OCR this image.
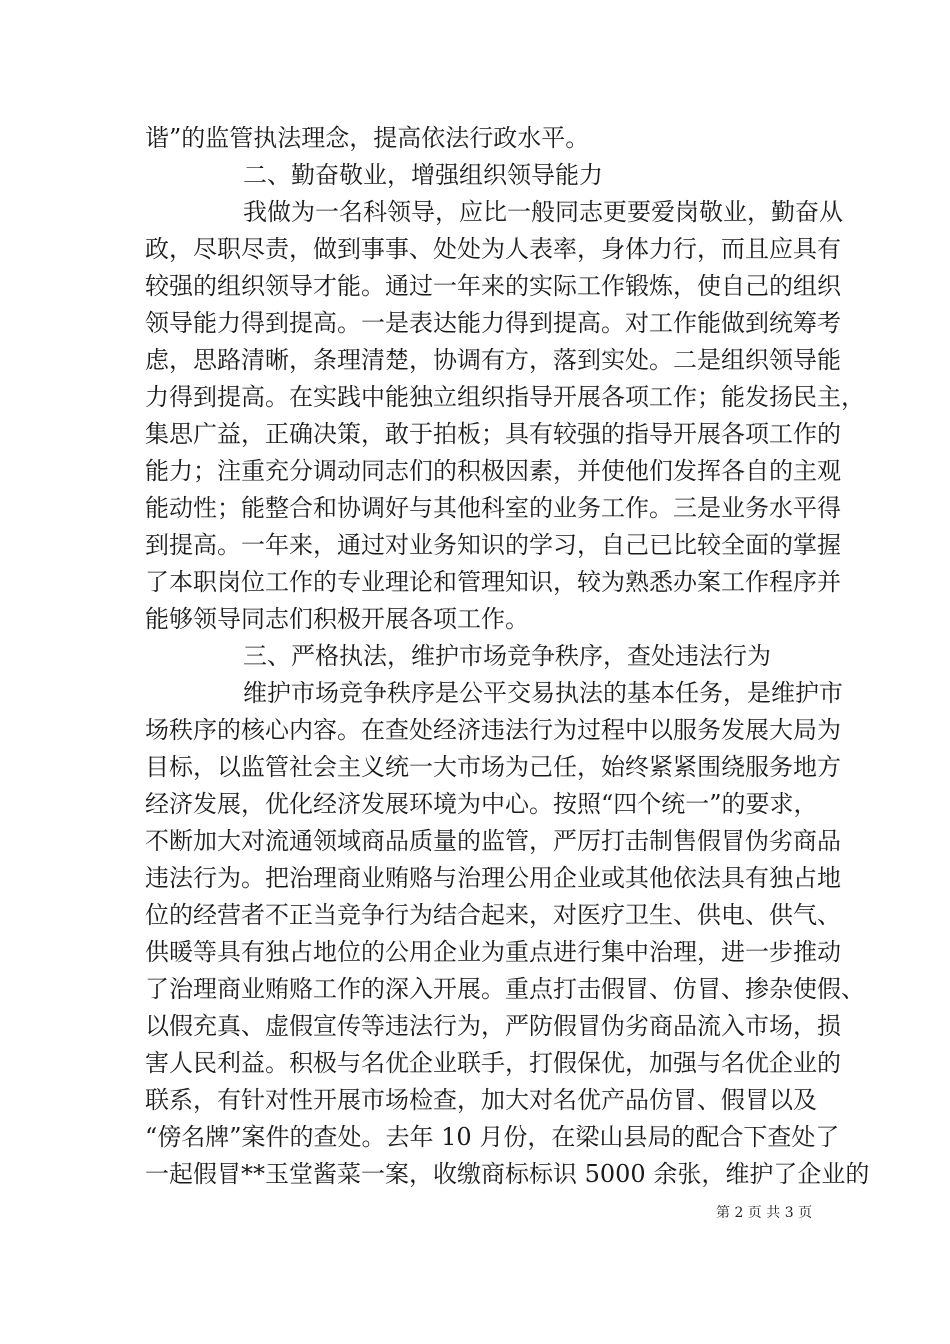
谐”的监管执法理念，提高依法行政水平。
二、勤奋敬业，增强组织领导能力
我做为一名科领导，应比一般同志更要爱岗敬业，勤奋从
政，尽职尽责，做到事事、处处为人表率，身体力行，而且应具有
较强的组织领导才能。通过一年来的实际工作锻炼，使自己的组织
领导能力得到提高。一是表达能力得到提高。对工作能做到统筹考
虑，思路清晰，条理清楚，协调有方，落到实处。二是组织领导能
力得到提高。在实践中能独立组织指导开展各项工作；能发扬民主，
集思广益，正确决策，敢于拍板；具有较强的指导开展各项工作的
能力；注重充分调动同志们的积极因素，并使他们发挥各自的主观
能动性；能整合和协调好与其他科室的业务工作。三是业务水平得
到提高。一年来，通过对业务知识的学习，自己已比较全面的掌握
了本职岗位工作的专业理论和管理知识，较为熟悉办案工作程序并
能够领导同志们积极开展各项工作。
三、严格执法，维护市场竞争秩序，查处违法行为
维护市场竞争秩序是公平交易执法的基本任务，是维护市
场秩序的核心内容。在查处经济违法行为过程中以服务发展大局为
目标，以监管社会主义统一大市场为己任，始终紧紧围绕服务地方
经济发展，优化经济发展环境为中心。按照“四个统一”的要求，
不断加大对流通领域商品质量的监管，严厉打击制售假冒伪劣商品
违法行为。把治理商业贿赂与治理公用企业或其他依法具有独占地
位的经营者不正当竞争行为结合起来，对医疗卫生、供电、供气、
供暖等具有独占地位的公用企业为重点进行集中治理，进一步推动
了治理商业贿赂工作的深入开展。重点打击假冒、仿冒、掺杂使假、
以假充真、虚假宣传等违法行为，严防假冒伪劣商品流入市场，损
害人民利益。积极与名优企业联手，打假保优，加强与名优企业的
联系，有针对性开展市场检查，加大对名优产品仿冒、假冒以及
“傍名牌”案件的查处。去年 10 月份，在梁山县局的配合下查处了
一起假冒**玉堂酱菜一案，收缴商标标识 5000 余张，维护了企业的
第 2 页 共 3 页
